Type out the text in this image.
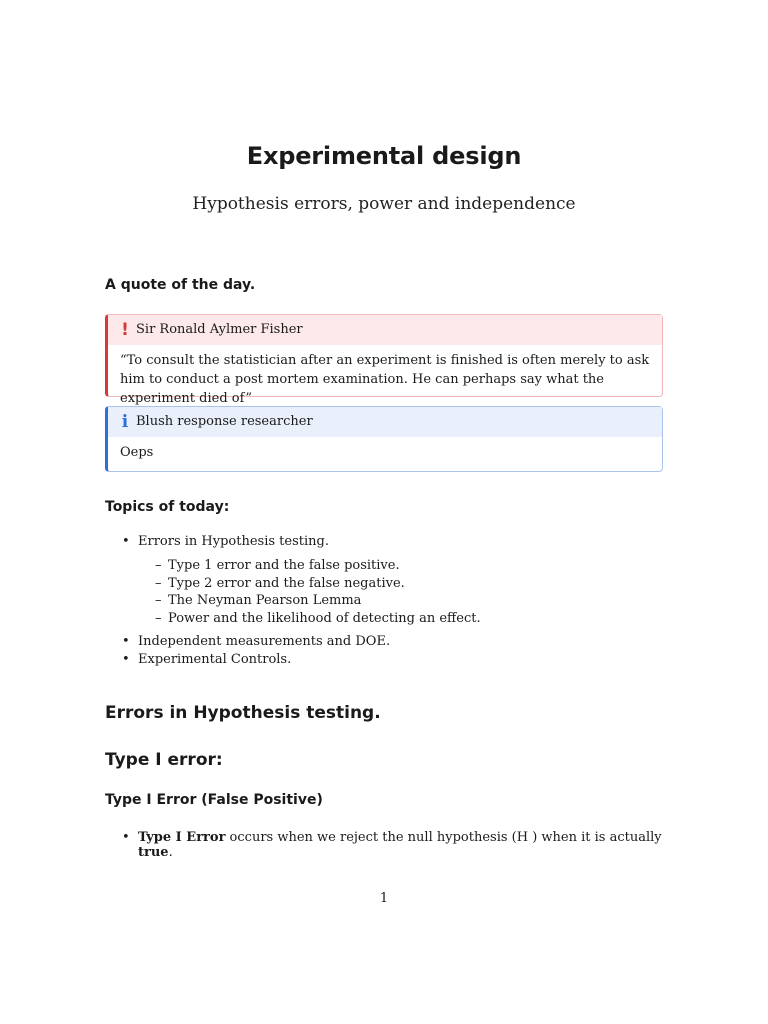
Experimental design
Hypothesis errors, power and independence
A quote of the day.
! Sir Ronald Aylmer Fisher
“To consult the statistician after an experiment is finished is often merely to ask him to conduct a post mortem examination. He can perhaps say what the experiment died of”
i Blush response researcher
Oeps
Topics of today:
• Errors in Hypothesis testing.
– Type 1 error and the false positive.
– Type 2 error and the false negative.
– The Neyman Pearson Lemma
– Power and the likelihood of detecting an effect.
• Independent measurements and DOE.
• Experimental Controls.
Errors in Hypothesis testing.
Type I error:
Type I Error (False Positive)
• Type I Error occurs when we reject the null hypothesis (H ) when it is actually true.
1
